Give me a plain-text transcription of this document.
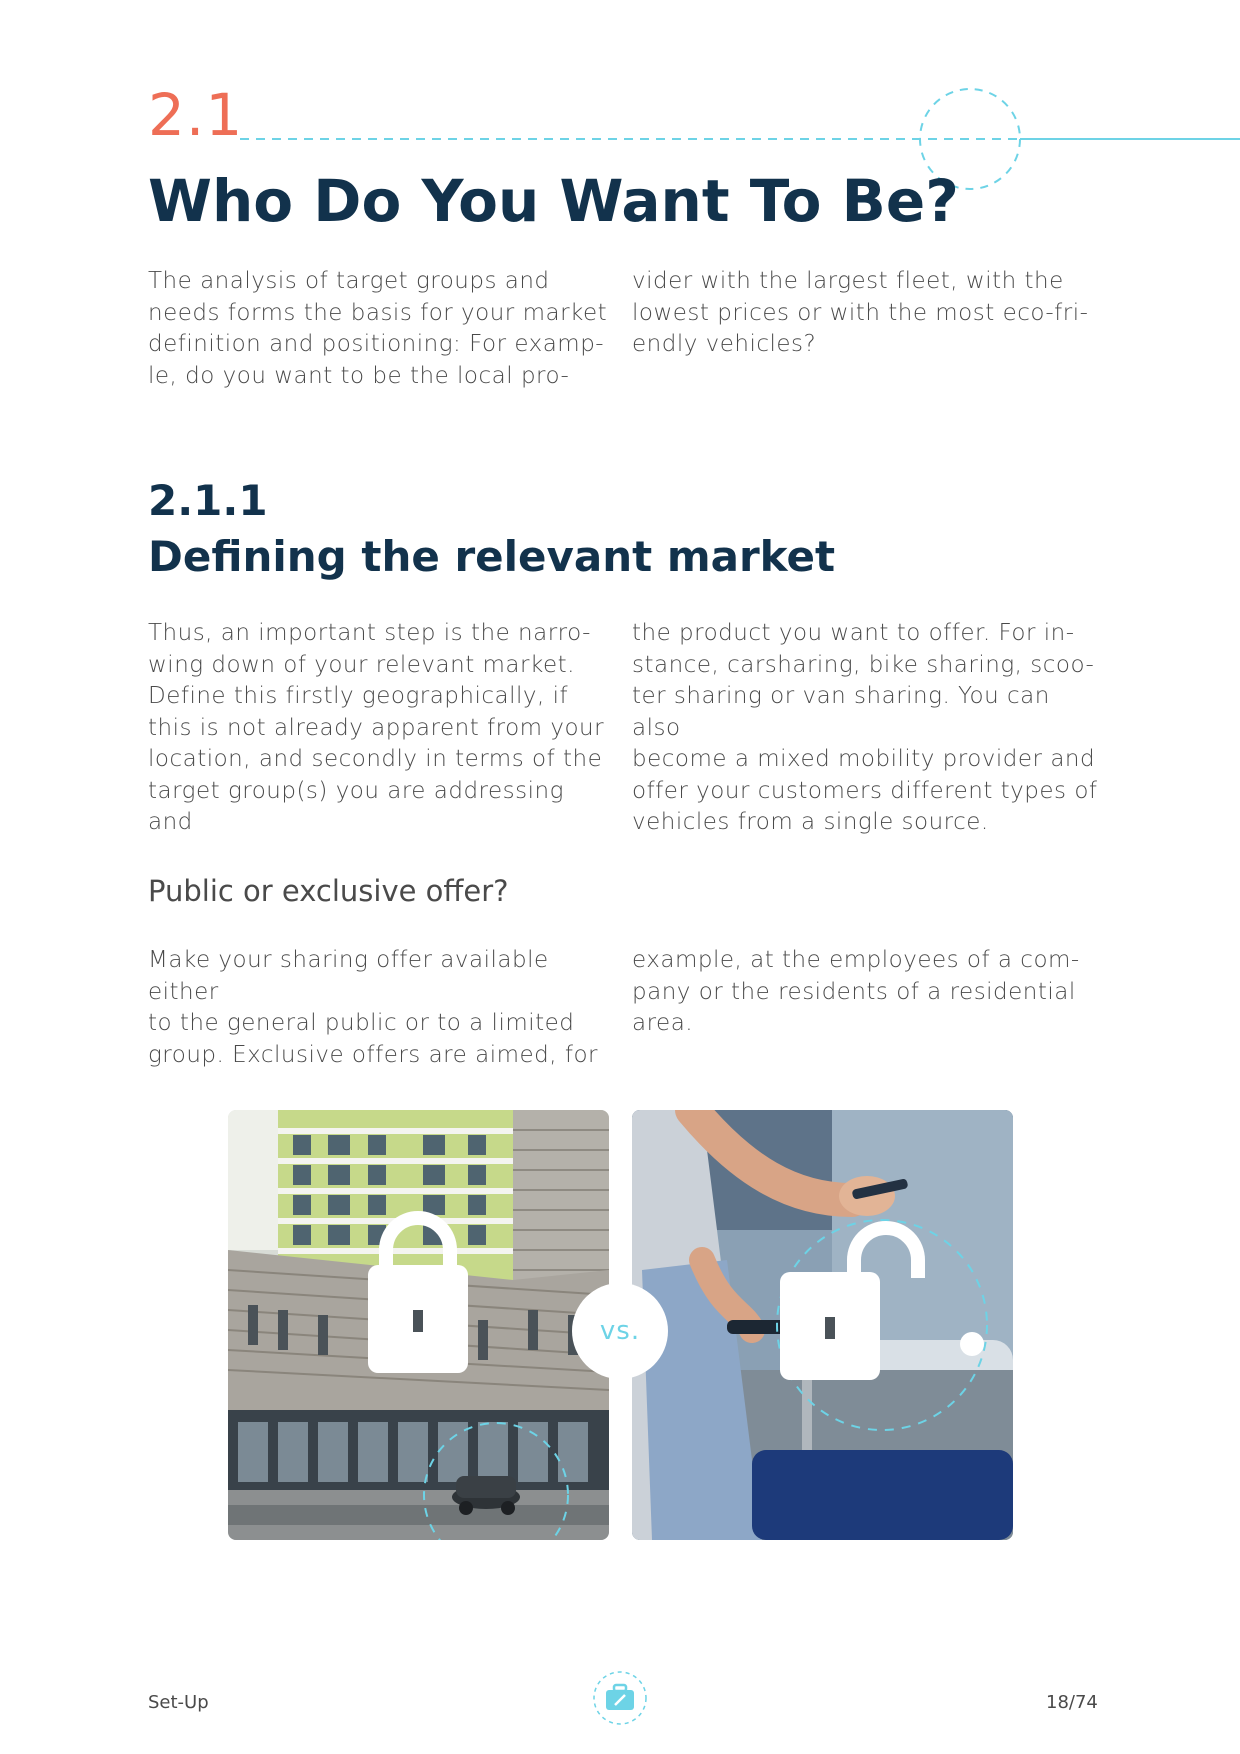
2.1
Who Do You Want To Be?
The analysis of target groups and
needs forms the basis for your market
definition and positioning: For examp-
le, do you want to be the local pro-
vider with the largest fleet, with the
lowest prices or with the most eco-fri-
endly vehicles?
2.1.1
Defining the relevant market
Thus, an important step is the narro-
wing down of your relevant market.
Define this firstly geographically, if
this is not already apparent from your
location, and secondly in terms of the
target group(s) you are addressing and
the product you want to offer. For in-
stance, carsharing, bike sharing, scoo-
ter sharing or van sharing. You can also
become a mixed mobility provider and
offer your customers different types of
vehicles from a single source.
Public or exclusive offer?
Make your sharing offer available either
to the general public or to a limited
group. Exclusive offers are aimed, for
example, at the employees of a com-
pany or the residents of a residential
area.
vs.
Set-Up	18/74
